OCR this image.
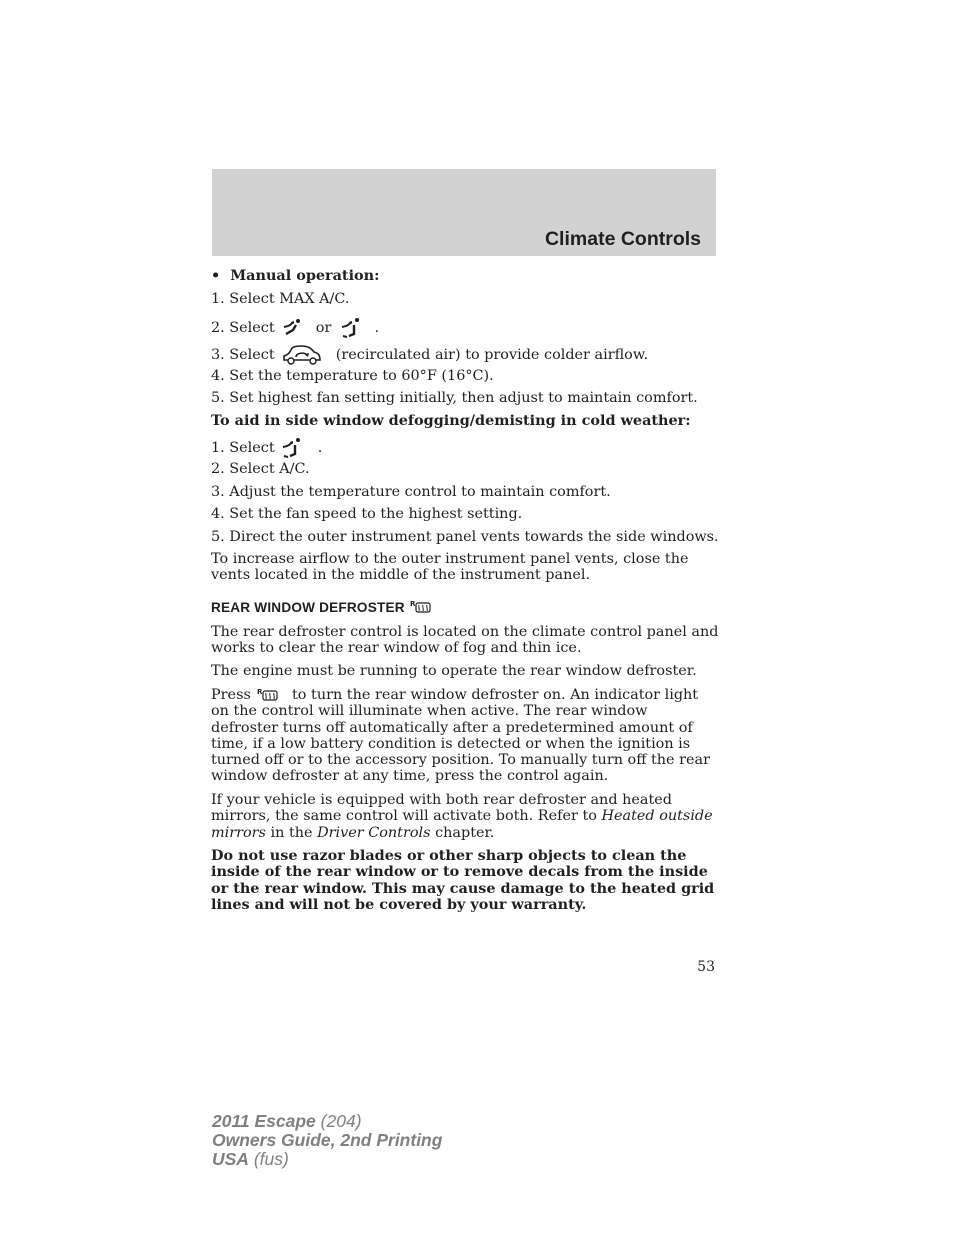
Climate Controls
• Manual operation:
1. Select MAX A/C.
2. Select	or	.
3. Select	(recirculated air) to provide colder airflow.
4. Set the temperature to 60°F (16°C).
5. Set highest fan setting initially, then adjust to maintain comfort.
To aid in side window defogging/demisting in cold weather:
1. Select	.
2. Select A/C.
3. Adjust the temperature control to maintain comfort.
4. Set the fan speed to the highest setting.
5. Direct the outer instrument panel vents towards the side windows.
To increase airflow to the outer instrument panel vents, close the vents located in the middle of the instrument panel.
REAR WINDOW DEFROSTER R
The rear defroster control is located on the climate control panel and works to clear the rear window of fog and thin ice.
The engine must be running to operate the rear window defroster.
Press R to turn the rear window defroster on. An indicator light on the control will illuminate when active. The rear window defroster turns off automatically after a predetermined amount of time, if a low battery condition is detected or when the ignition is turned off or to the accessory position. To manually turn off the rear window defroster at any time, press the control again.
If your vehicle is equipped with both rear defroster and heated mirrors, the same control will activate both. Refer to Heated outside mirrors in the Driver Controls chapter.
Do not use razor blades or other sharp objects to clean the inside of the rear window or to remove decals from the inside or the rear window. This may cause damage to the heated grid lines and will not be covered by your warranty.
53
2011 Escape (204)
Owners Guide, 2nd Printing
USA (fus)
